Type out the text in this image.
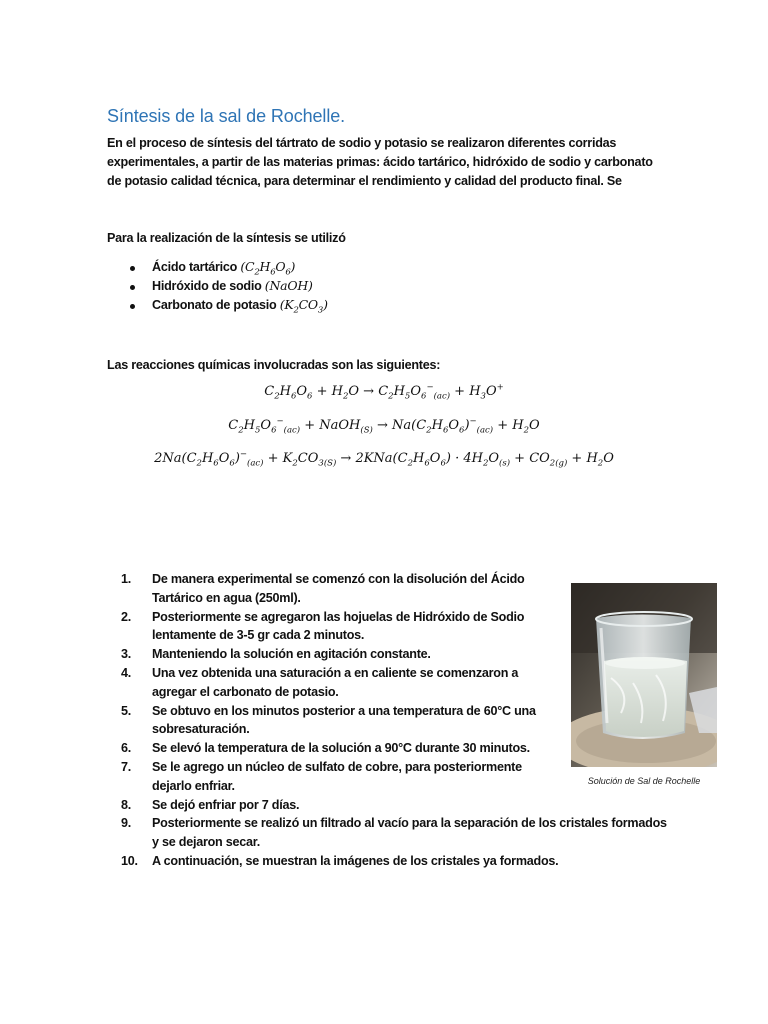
Síntesis de la sal de Rochelle.

En el proceso de síntesis del tártrato de sodio y potasio se realizaron diferentes corridas experimentales, a partir de las materias primas: ácido tartárico, hidróxido de sodio y carbonato de potasio calidad técnica, para determinar el rendimiento y calidad del producto final. Se

Para la realización de la síntesis se utilizó

Ácido tartárico $(C_2H_6O_6)$
Hidróxido de sodio (NaOH)
Carbonato de potasio $(K_2CO_3)$

Las reacciones químicas involucradas son las siguientes:

$C_2H_6O_6 + H_2O \to C_2H_5O_6^-_{(ac)} + H_3O^+$
$C_2H_5O_6^-_{(ac)}$ + NaOH$_{(S)}$ → $Na(C_2H_6O_6)^-_{(ac)} + H_2O$
$2Na(C_2H_6O_6)^-_{(ac)} + K_2CO_{3(S)} \to 2KNa(C_2H_6O_6) \cdot 4H_2O_{(s)} + CO_{2(g)} + H_2O$
1.	De manera experimental se comenzó con la disolución del Ácido Tartárico en agua (250ml).
2.	Posteriormente se agregaron las hojuelas de Hidróxido de Sodio lentamente de 3-5 gr cada 2 minutos.
3.	Manteniendo la solución en agitación constante.
4.	Una vez obtenida una saturación a en caliente se comenzaron a agregar el carbonato de potasio.
5.	Se obtuvo en los minutos posterior a una temperatura de 60°C una sobresaturación.
6.	Se elevó la temperatura de la solución a 90°C durante 30 minutos.
7.	Se le agrego un núcleo de sulfato de cobre, para posteriormente dejarlo enfriar.
8.	Se dejó enfriar por 7 días.
9.	Posteriormente se realizó un filtrado al vacío para la separación de los cristales formados y se dejaron secar.
10.	A continuación, se muestran la imágenes de los cristales ya formados.

Solución de Sal de Rochelle
